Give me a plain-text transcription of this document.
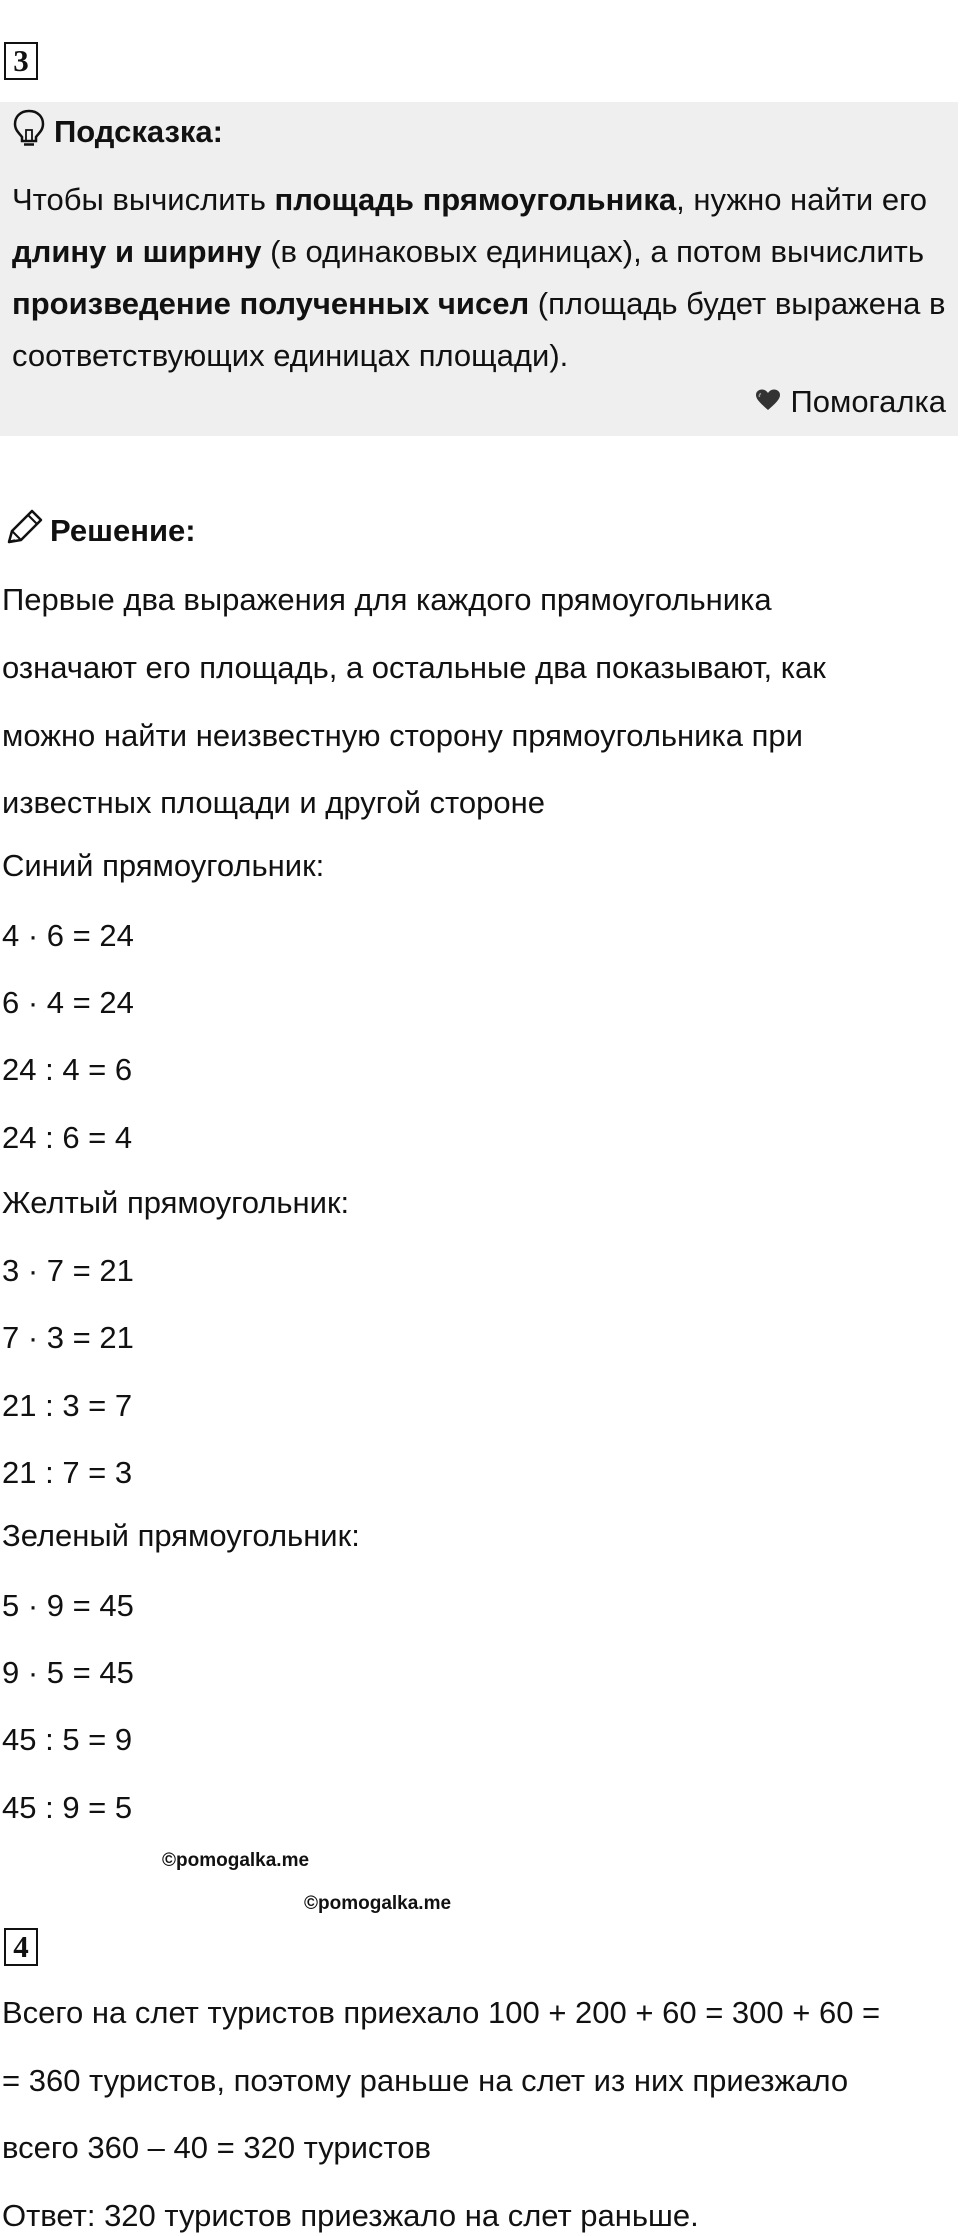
3
Подсказка:
Чтобы вычислить площадь прямоугольника, нужно найти его длину и ширину (в одинаковых единицах), а потом вычислить произведение полученных чисел (площадь будет выражена в соответствующих единицах площади).
Помогалка
Решение:
Первые два выражения для каждого прямоугольника
означают его площадь, а остальные два показывают, как
можно найти неизвестную сторону прямоугольника при
известных площади и другой стороне
Синий прямоугольник:
4 · 6 = 24
6 · 4 = 24
24 : 4 = 6
24 : 6 = 4
Желтый прямоугольник:
3 · 7 = 21
7 · 3 = 21
21 : 3 = 7
21 : 7 = 3
Зеленый прямоугольник:
5 · 9 = 45
9 · 5 = 45
45 : 5 = 9
45 : 9 = 5
©pomogalka.me
©pomogalka.me
4
Всего на слет туристов приехало 100 + 200 + 60 = 300 + 60 =
= 360 туристов, поэтому раньше на слет из них приезжало
всего 360 – 40 = 320 туристов
Ответ: 320 туристов приезжало на слет раньше.
